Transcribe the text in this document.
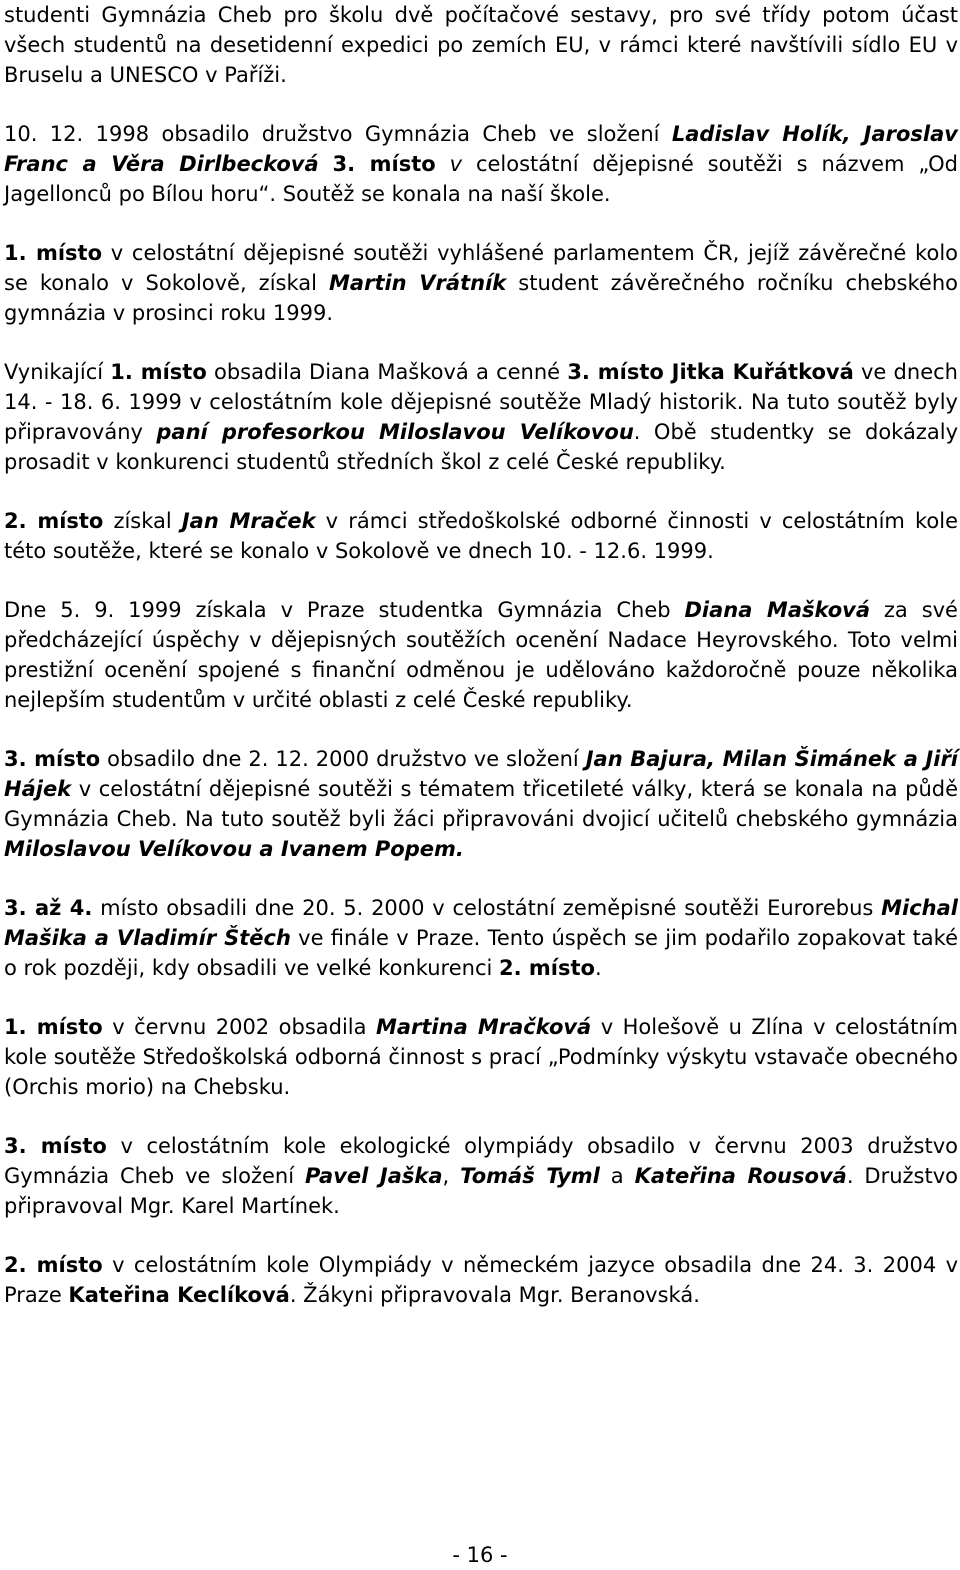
studenti Gymnázia Cheb pro školu dvě počítačové sestavy, pro své třídy potom účast všech studentů na desetidenní expedici po zemích EU, v rámci které navštívili sídlo EU v Bruselu a UNESCO v Paříži.

10. 12. 1998 obsadilo družstvo Gymnázia Cheb ve složení Ladislav Holík, Jaroslav Franc a Věra Dirlbecková 3. místo v celostátní dějepisné soutěži s názvem „Od Jagellonců po Bílou horu“. Soutěž se konala na naší škole.

1. místo v celostátní dějepisné soutěži vyhlášené parlamentem ČR, jejíž závěrečné kolo se konalo v Sokolově, získal Martin Vrátník student závěrečného ročníku chebského gymnázia v prosinci roku 1999.

Vynikající 1. místo obsadila Diana Mašková a cenné 3. místo Jitka Kuřátková ve dnech 14. - 18. 6. 1999 v celostátním kole dějepisné soutěže Mladý historik. Na tuto soutěž byly připravovány paní profesorkou Miloslavou Velíkovou. Obě studentky se dokázaly prosadit v konkurenci studentů středních škol z celé České republiky.

2. místo získal Jan Mraček v rámci středoškolské odborné činnosti v celostátním kole této soutěže, které se konalo v Sokolově ve dnech 10. - 12.6. 1999.

Dne 5. 9. 1999 získala v Praze studentka Gymnázia Cheb Diana Mašková za své předcházející úspěchy v dějepisných soutěžích ocenění Nadace Heyrovského. Toto velmi prestižní ocenění spojené s finanční odměnou je udělováno každoročně pouze několika nejlepším studentům v určité oblasti z celé České republiky.

3. místo obsadilo dne 2. 12. 2000 družstvo ve složení Jan Bajura, Milan Šimánek a Jiří Hájek v celostátní dějepisné soutěži s tématem třicetileté války, která se konala na půdě Gymnázia Cheb. Na tuto soutěž byli žáci připravováni dvojicí učitelů chebského gymnázia Miloslavou Velíkovou a Ivanem Popem.

3. až 4. místo obsadili dne 20. 5. 2000 v celostátní zeměpisné soutěži Eurorebus Michal Mašika a Vladimír Štěch ve finále v Praze. Tento úspěch se jim podařilo zopakovat také o rok později, kdy obsadili ve velké konkurenci 2. místo.

1. místo v červnu 2002 obsadila Martina Mračková v Holešově u Zlína v celostátním kole soutěže Středoškolská odborná činnost s prací „Podmínky výskytu vstavače obecného (Orchis morio) na Chebsku.

3. místo v celostátním kole ekologické olympiády obsadilo v červnu 2003 družstvo Gymnázia Cheb ve složení Pavel Jaška, Tomáš Tyml a Kateřina Rousová. Družstvo připravoval Mgr. Karel Martínek.

2. místo v celostátním kole Olympiády v německém jazyce obsadila dne 24. 3. 2004 v Praze Kateřina Keclíková. Žákyni připravovala Mgr. Beranovská.

- 16 -
